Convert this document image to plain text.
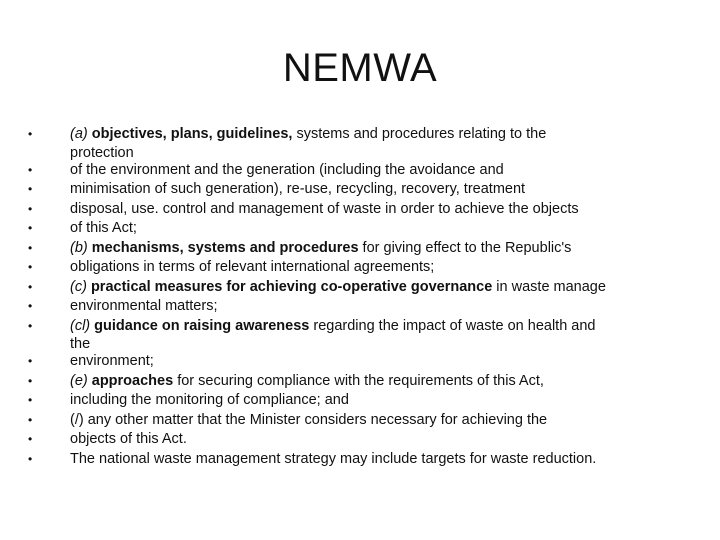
NEMWA
•	(a) objectives, plans, guidelines, systems and procedures relating to the
protection
•	of the environment and the generation (including the avoidance and
•	minimisation of such generation), re-use, recycling, recovery, treatment
•	disposal, use. control and management of waste in order to achieve the objects
•	of this Act;
•	(b) mechanisms, systems and procedures for giving effect to the Republic's
•	obligations in terms of relevant international agreements;
•	(c) practical measures for achieving co-operative governance in waste manage
•	environmental matters;
•	(cl) guidance on raising awareness regarding the impact of waste on health and
the
•	environment;
•	(e) approaches for securing compliance with the requirements of this Act,
•	including the monitoring of compliance; and
•	(/) any other matter that the Minister considers necessary for achieving the
•	objects of this Act.
•	The national waste management strategy may include targets for waste reduction.
